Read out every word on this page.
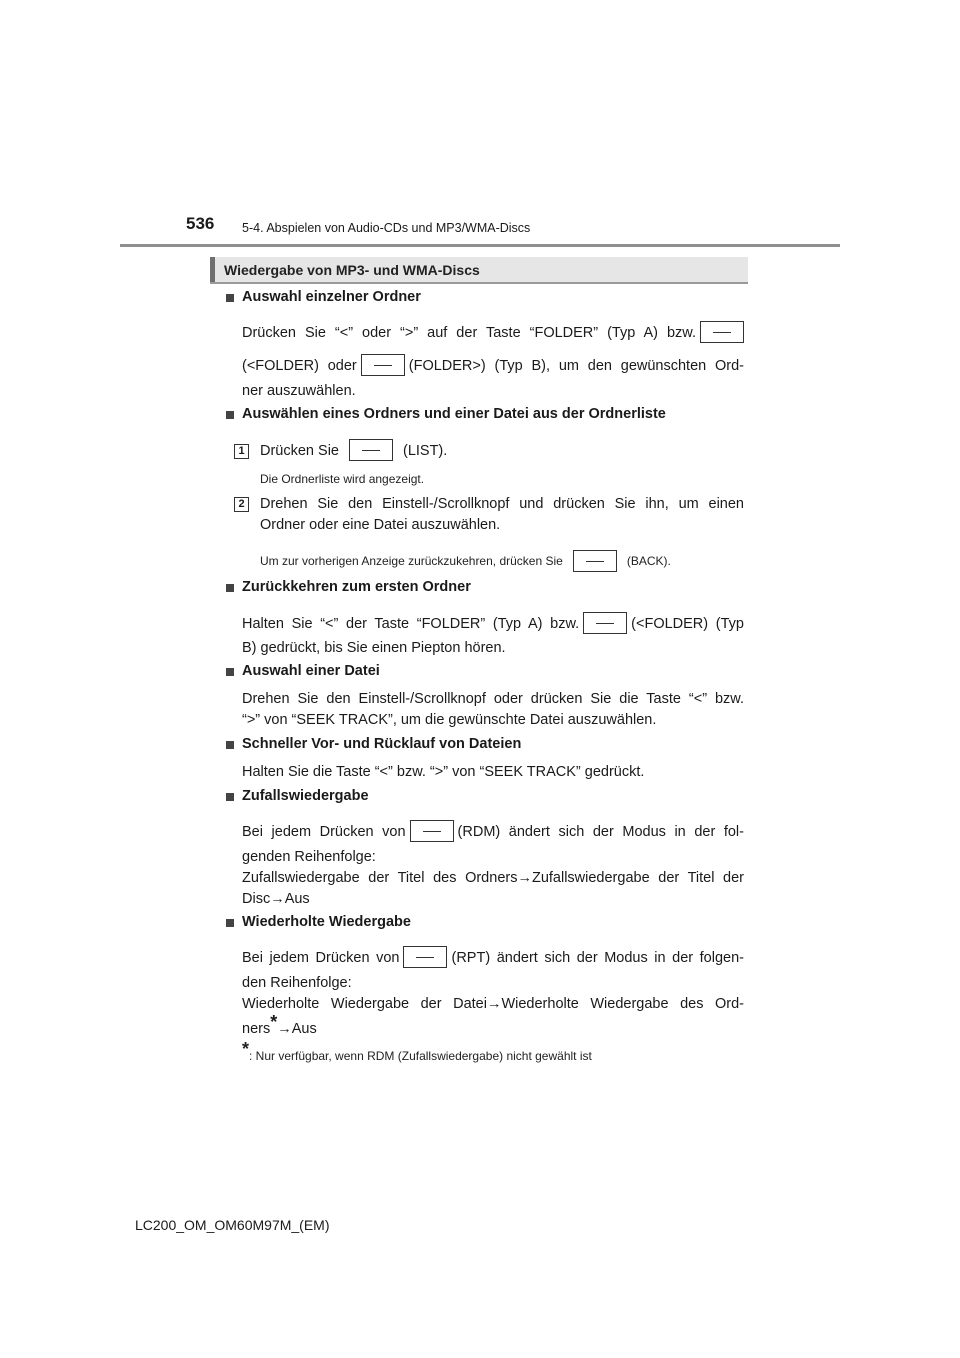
536 5-4. Abspielen von Audio-CDs und MP3/WMA-Discs
Wiedergabe von MP3- und WMA-Discs
Auswahl einzelner Ordner
Drücken Sie “<” oder “>” auf der Taste “FOLDER” (Typ A) bzw.
(<FOLDER) oder	(FOLDER>) (Typ B), um den gewünschten Ord-
ner auszuwählen.
Auswählen eines Ordners und einer Datei aus der Ordnerliste
1	Drücken Sie	(LIST).
Die Ordnerliste wird angezeigt.
2	Drehen Sie den Einstell-/Scrollknopf und drücken Sie ihn, um einen
Ordner oder eine Datei auszuwählen.
Um zur vorherigen Anzeige zurückzukehren, drücken Sie	(BACK).
Zurückkehren zum ersten Ordner
Halten Sie “<” der Taste “FOLDER” (Typ A) bzw.	(<FOLDER) (Typ
B) gedrückt, bis Sie einen Piepton hören.
Auswahl einer Datei
Drehen Sie den Einstell-/Scrollknopf oder drücken Sie die Taste “<” bzw.
“>” von “SEEK TRACK”, um die gewünschte Datei auszuwählen.
Schneller Vor- und Rücklauf von Dateien
Halten Sie die Taste “<” bzw. “>” von “SEEK TRACK” gedrückt.
Zufallswiedergabe
Bei jedem Drücken von	(RDM) ändert sich der Modus in der fol-
genden Reihenfolge:
Zufallswiedergabe der Titel des Ordners→Zufallswiedergabe der Titel der
Disc→Aus
Wiederholte Wiedergabe
Bei jedem Drücken von	(RPT) ändert sich der Modus in der folgen-
den Reihenfolge:
Wiederholte Wiedergabe der Datei→Wiederholte Wiedergabe des Ord-
ners*→Aus
*: Nur verfügbar, wenn RDM (Zufallswiedergabe) nicht gewählt ist
LC200_OM_OM60M97M_(EM)
